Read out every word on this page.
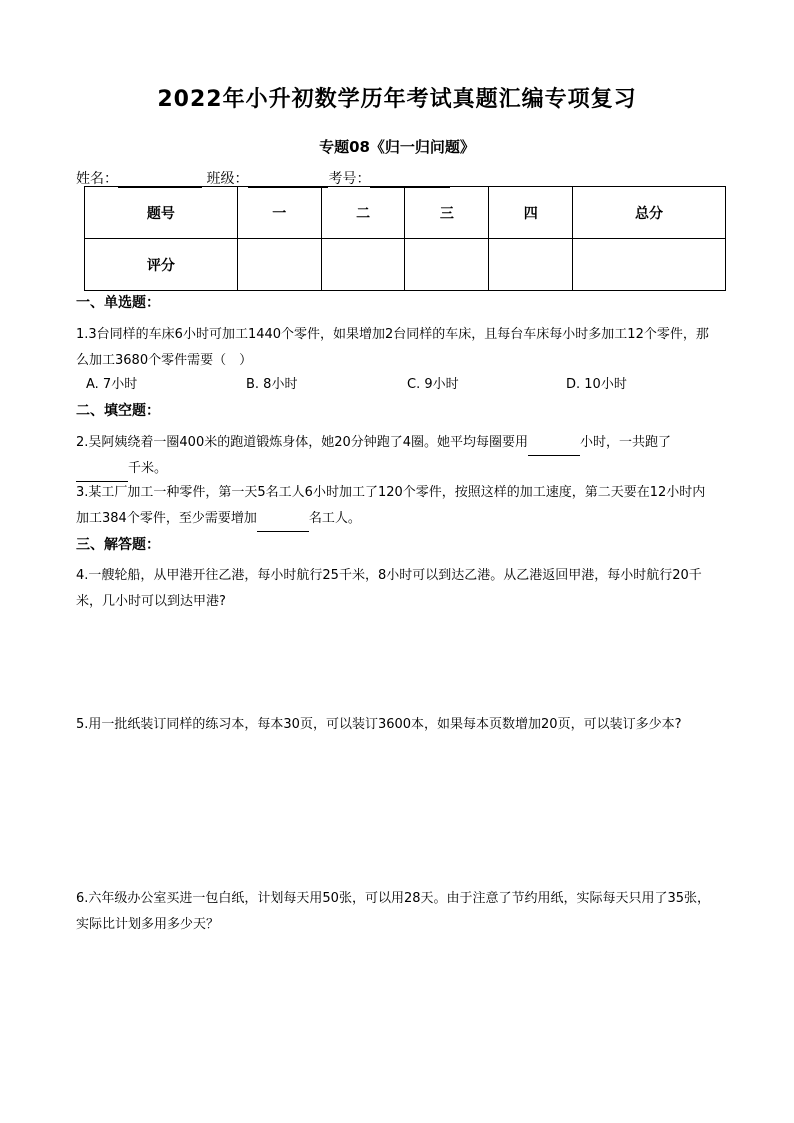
2022年小升初数学历年考试真题汇编专项复习
专题08《归一归问题》
姓名：	班级：	考号：
题号	一	二	三	四	总分
评分					
一、单选题：
1.3台同样的车床6小时可加工1440个零件，如果增加2台同样的车床，且每台车床每小时多加工12个零件，那么加工3680个零件需要（　）
A. 7小时	B. 8小时	C. 9小时	D. 10小时
二、填空题：
2.吴阿姨绕着一圈400米的跑道锻炼身体，她20分钟跑了4圈。她平均每圈要用	小时，一共跑了千米。
3.某工厂加工一种零件，第一天5名工人6小时加工了120个零件，按照这样的加工速度，第二天要在12小时内加工384个零件，至少需要增加	名工人。
三、解答题：
4.一艘轮船，从甲港开往乙港，每小时航行25千米，8小时可以到达乙港。从乙港返回甲港，每小时航行20千米，几小时可以到达甲港?
5.用一批纸装订同样的练习本，每本30页，可以装订3600本，如果每本页数增加20页，可以装订多少本?
6.六年级办公室买进一包白纸，计划每天用50张，可以用28天。由于注意了节约用纸，实际每天只用了35张，实际比计划多用多少天？
